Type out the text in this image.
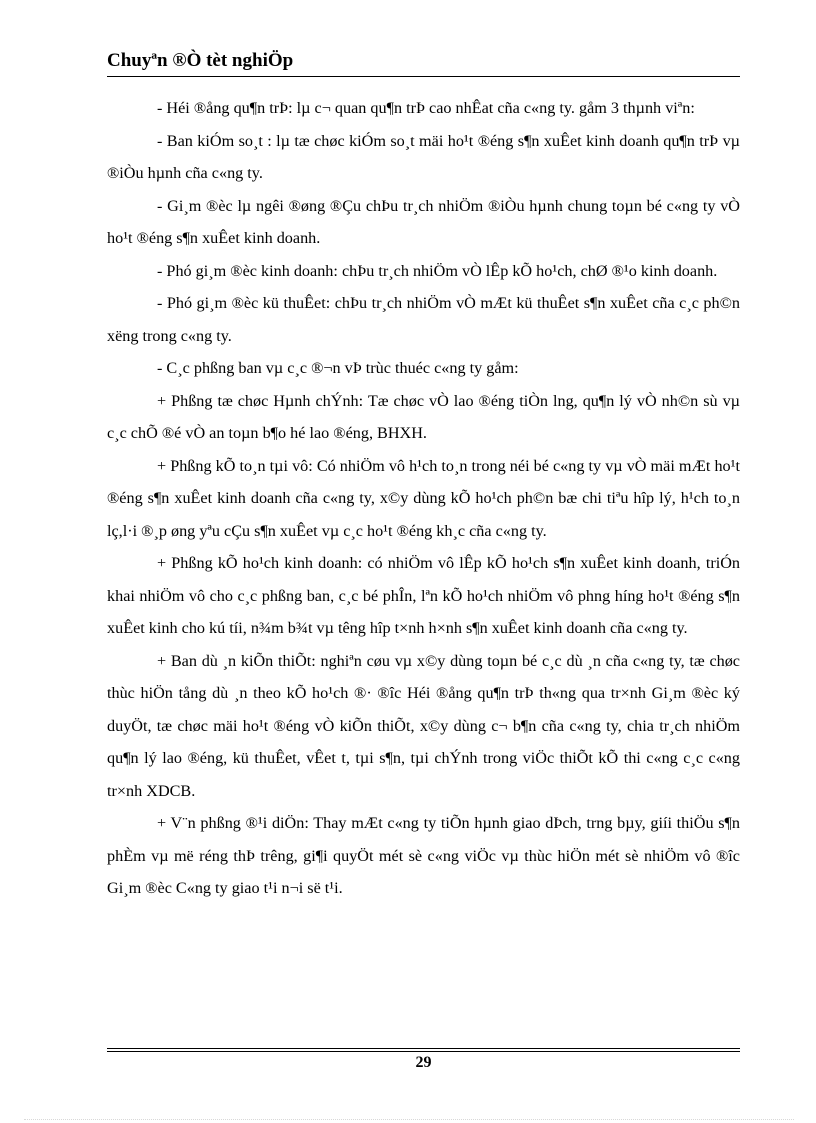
Chuyªn ®Ò tèt nghiÖp

- Héi ®ång qu¶n trÞ: lµ c¬ quan qu¶n trÞ cao nhÊat cña c«ng ty. gåm 3 thµnh viªn:

- Ban kiÓm so¸t : lµ tæ chøc kiÓm so¸t mäi ho¹t ®éng s¶n xuÊet kinh doanh qu¶n trÞ vµ ®iÒu hµnh cña c«ng ty.

- Gi¸m ®èc lµ ngêi ®øng ®Çu chÞu tr¸ch nhiÖm ®iÒu hµnh chung toµn bé c«ng ty vÒ ho¹t ®éng s¶n xuÊet kinh doanh.

- Phó gi¸m ®èc kinh doanh: chÞu tr¸ch nhiÖm vÒ lÊp kÕ ho¹ch, chØ ®¹o kinh doanh.

- Phó gi¸m ®èc kü thuÊet: chÞu tr¸ch nhiÖm vÒ mÆt kü thuÊet s¶n xuÊet cña c¸c ph©n xëng trong c«ng ty.

- C¸c phßng ban vµ c¸c ®¬n vÞ trùc thuéc c«ng ty gåm:

+ Phßng tæ chøc Hµnh chÝnh: Tæ chøc vÒ lao ®éng tiÒn lng, qu¶n lý vÒ nh©n sù vµ c¸c chÕ ®é vÒ an toµn b¶o hé lao ®éng, BHXH.

+ Phßng kÕ to¸n tµi vô: Có nhiÖm vô h¹ch to¸n trong néi bé c«ng ty vµ vÒ mäi mÆt ho¹t ®éng s¶n xuÊet kinh doanh cña c«ng ty, x©y dùng kÕ ho¹ch ph©n bæ chi tiªu hîp lý, h¹ch to¸n lç,l·i ®¸p øng yªu cÇu s¶n xuÊet vµ c¸c ho¹t ®éng kh¸c cña c«ng ty.

+ Phßng kÕ ho¹ch kinh doanh: có nhiÖm vô lÊp kÕ ho¹ch s¶n xuÊet kinh doanh, triÓn khai nhiÖm vô cho c¸c phßng ban, c¸c bé phÎn, lªn kÕ ho¹ch nhiÖm vô phng híng ho¹t ®éng s¶n xuÊet kinh cho kú tíi, n¾m b¾t vµ têng hîp t×nh h×nh s¶n xuÊet kinh doanh cña c«ng ty.

+ Ban dù ¸n kiÕn thiÕt: nghiªn cøu vµ x©y dùng toµn bé c¸c dù ¸n cña c«ng ty, tæ chøc thùc hiÖn tång dù ¸n theo kÕ ho¹ch ®· ®îc Héi ®ång qu¶n trÞ th«ng qua tr×nh Gi¸m ®èc ký duyÖt, tæ chøc mäi ho¹t ®éng vÒ kiÕn thiÕt, x©y dùng c¬ b¶n cña c«ng ty, chia tr¸ch nhiÖm qu¶n lý lao ®éng, kü thuÊet, vÊet t, tµi s¶n, tµi chÝnh trong viÖc thiÕt kÕ thi c«ng c¸c c«ng tr×nh XDCB.

+ V¨n phßng ®¹i diÖn: Thay mÆt c«ng ty tiÕn hµnh giao dÞch, trng bµy, giíi thiÖu s¶n phÈm vµ më réng thÞ trêng, gi¶i quyÖt mét sè c«ng viÖc vµ thùc hiÖn mét sè nhiÖm vô ®îc Gi¸m ®èc C«ng ty giao t¹i n¬i së t¹i.

29
